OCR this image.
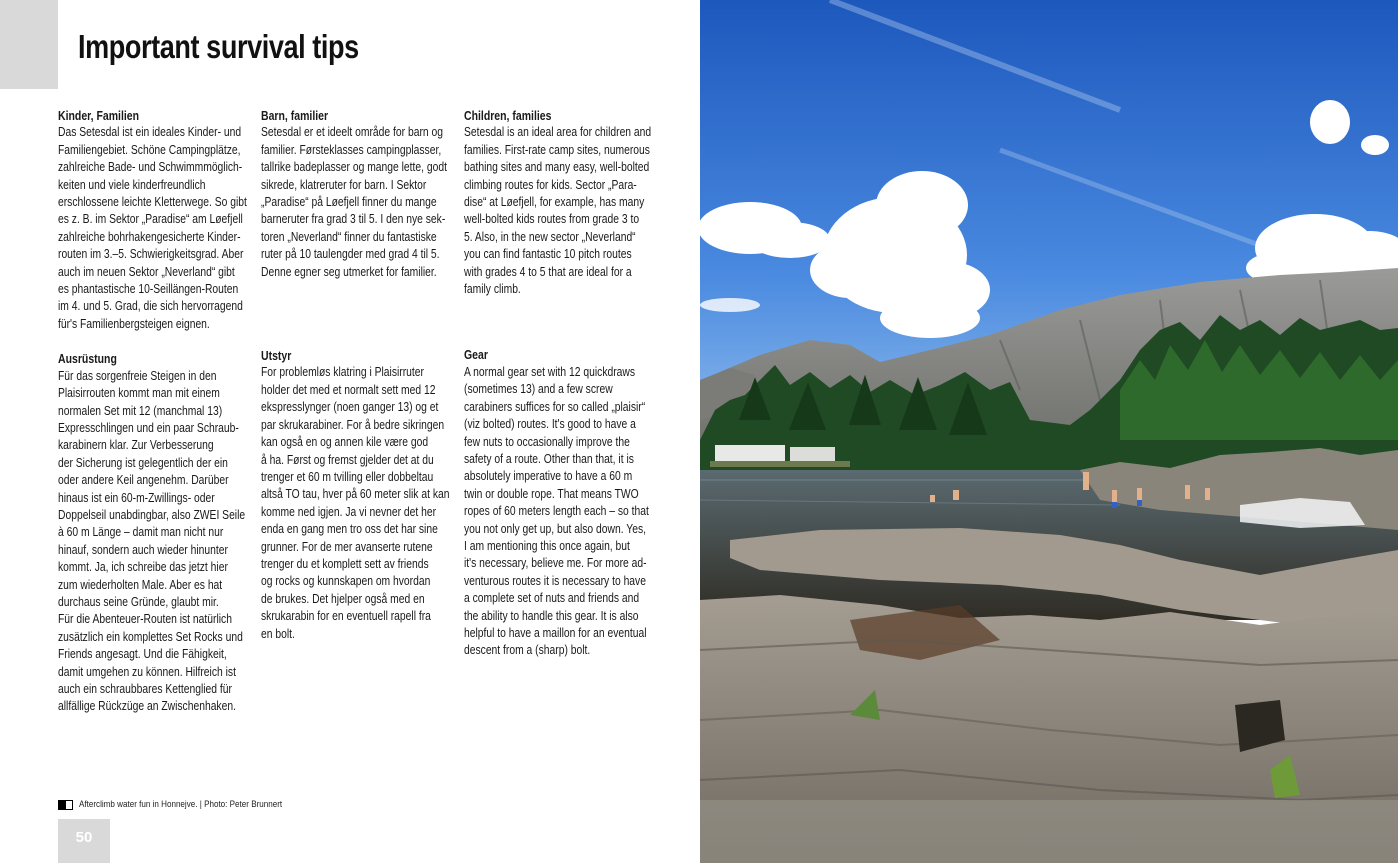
Important survival tips
Kinder, Familien

Das Setesdal ist ein ideales Kinder- und
Familiengebiet. Schöne Campingplätze,
zahlreiche Bade- und Schwimmmöglich-
keiten und viele kinderfreundlich
erschlossene leichte Kletterwege. So gibt
es z. B. im Sektor „Paradise“ am Løefjell
zahlreiche bohrhakengesicherte Kinder-
routen im 3.–5. Schwierigkeitsgrad. Aber
auch im neuen Sektor „Neverland“ gibt
es phantastische 10-Seillängen-Routen
im 4. und 5. Grad, die sich hervorragend
für's Familienbergsteigen eignen.

Ausrüstung

Für das sorgenfreie Steigen in den
Plaisirrouten kommt man mit einem
normalen Set mit 12 (manchmal 13)
Expresschlingen und ein paar Schraub-
karabinern klar. Zur Verbesserung
der Sicherung ist gelegentlich der ein
oder andere Keil angenehm. Darüber
hinaus ist ein 60-m-Zwillings- oder
Doppelseil unabdingbar, also ZWEI Seile
à 60 m Länge – damit man nicht nur
hinauf, sondern auch wieder hinunter
kommt. Ja, ich schreibe das jetzt hier
zum wiederholten Male. Aber es hat
durchaus seine Gründe, glaubt mir.
Für die Abenteuer-Routen ist natürlich
zusätzlich ein komplettes Set Rocks und
Friends angesagt. Und die Fähigkeit,
damit umgehen zu können. Hilfreich ist
auch ein schraubbares Kettenglied für
allfällige Rückzüge an Zwischenhaken.

Barn, familier

Setesdal er et ideelt område for barn og
familier. Førsteklasses campingplasser,
tallrike badeplasser og mange lette, godt
sikrede, klatreruter for barn. I Sektor
„Paradise“ på Løefjell finner du mange
barneruter fra grad 3 til 5. I den nye sek-
toren „Neverland“ finner du fantastiske
ruter på 10 taulengder med grad 4 til 5.
Denne egner seg utmerket for familier.

Utstyr

For problemløs klatring i Plaisirruter
holder det med et normalt sett med 12
ekspresslynger (noen ganger 13) og et
par skrukarabiner. For å bedre sikringen
kan også en og annen kile være god
å ha. Først og fremst gjelder det at du
trenger et 60 m tvilling eller dobbeltau
altså TO tau, hver på 60 meter slik at kan
komme ned igjen. Ja vi nevner det her
enda en gang men tro oss det har sine
grunner. For de mer avanserte rutene
trenger du et komplett sett av friends
og rocks og kunnskapen om hvordan
de brukes. Det hjelper også med en
skrukarabin for en eventuell rapell fra
en bolt.

Children, families

Setesdal is an ideal area for children and
families. First-rate camp sites, numerous
bathing sites and many easy, well-bolted
climbing routes for kids. Sector „Para-
dise“ at Løefjell, for example, has many
well-bolted kids routes from grade 3 to
5. Also, in the new sector „Neverland“
you can find fantastic 10 pitch routes
with grades 4 to 5 that are ideal for a
family climb.

Gear

A normal gear set with 12 quickdraws
(sometimes 13) and a few screw
carabiners suffices for so called „plaisir“
(viz bolted) routes. It's good to have a
few nuts to occasionally improve the
safety of a route. Other than that, it is
absolutely imperative to have a 60 m
twin or double rope. That means TWO
ropes of 60 meters length each – so that
you not only get up, but also down. Yes,
I am mentioning this once again, but
it's necessary, believe me. For more ad-
venturous routes it is necessary to have
a complete set of nuts and friends and
the ability to handle this gear. It is also
helpful to have a maillon for an eventual
descent from a (sharp) bolt.

Afterclimb water fun in Honnejve. | Photo: Peter Brunnert
50
